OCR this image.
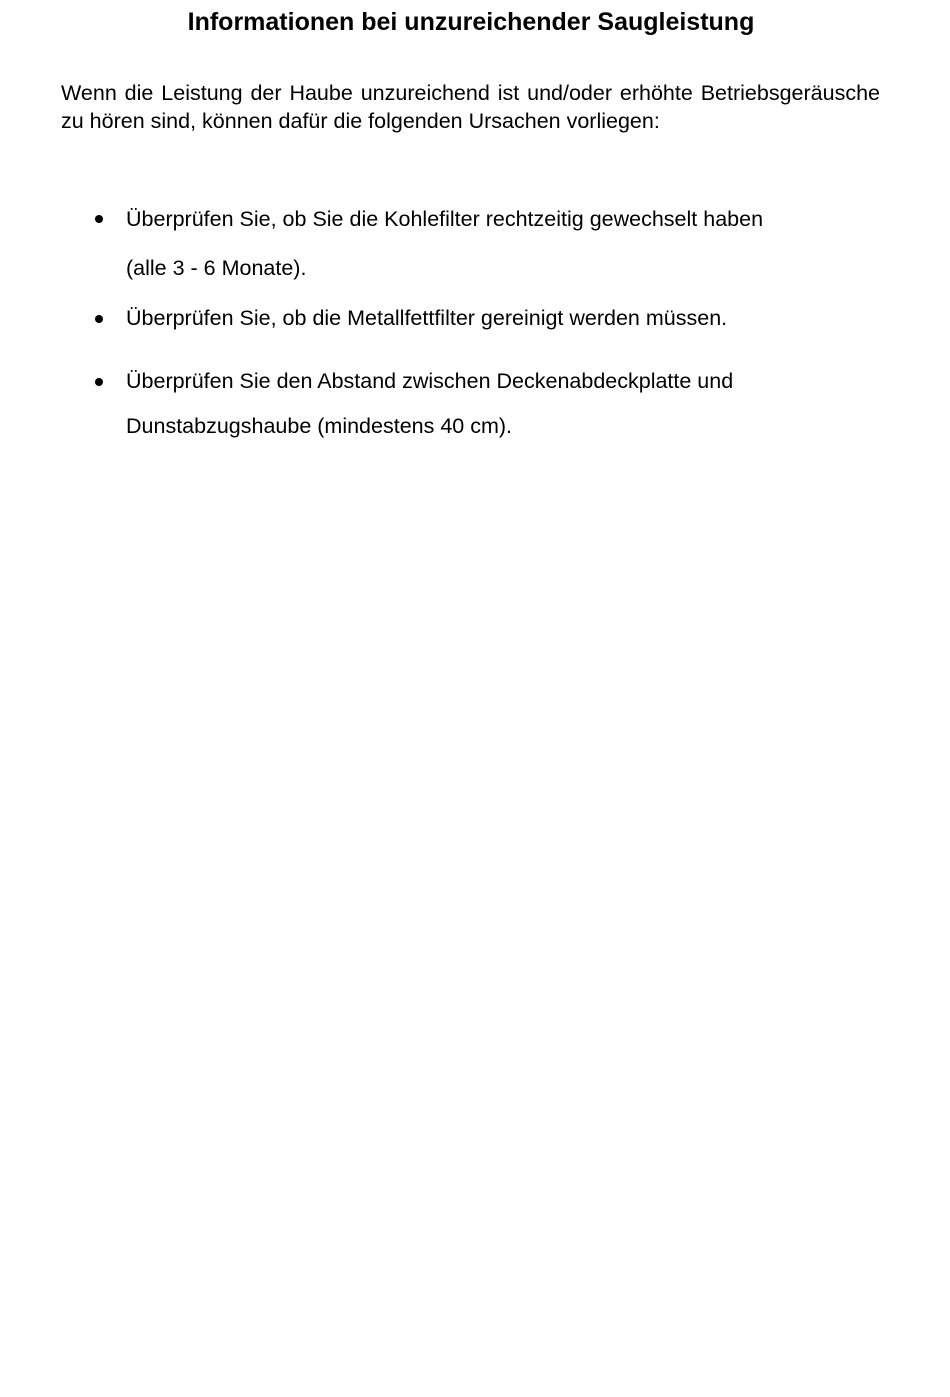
Informationen bei unzureichender Saugleistung

Wenn die Leistung der Haube unzureichend ist und/oder erhöhte Betriebsgeräusche zu hören sind, können dafür die folgenden Ursachen vorliegen:

Überprüfen Sie, ob Sie die Kohlefilter rechtzeitig gewechselt haben

(alle 3 - 6 Monate).

Überprüfen Sie, ob die Metallfettfilter gereinigt werden müssen.

Überprüfen Sie den Abstand zwischen Deckenabdeckplatte und

Dunstabzugshaube (mindestens 40 cm).
